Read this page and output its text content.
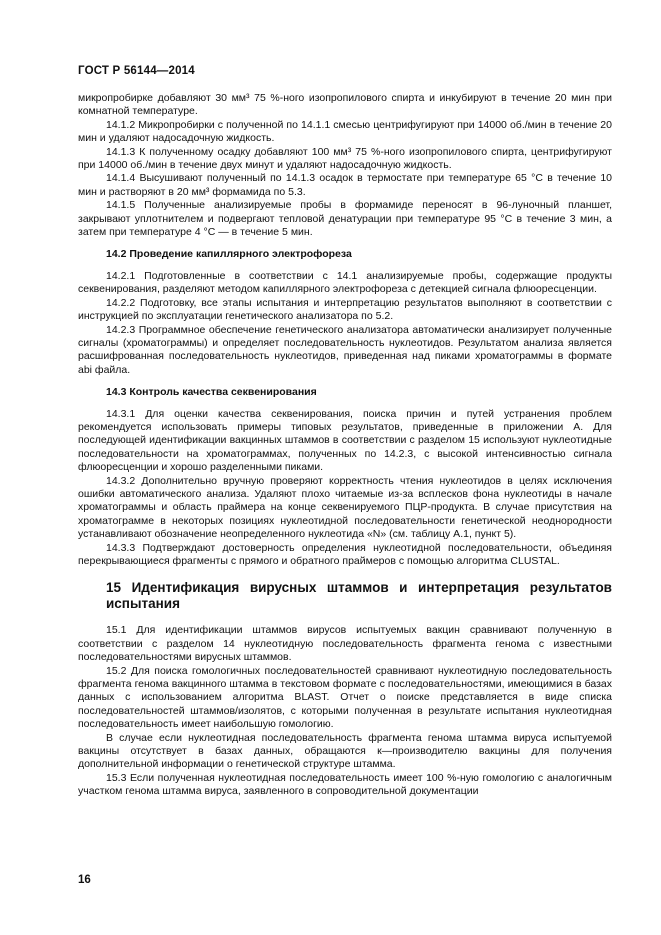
ГОСТ Р 56144—2014

микропробирке добавляют 30 мм³ 75 %-ного изопропилового спирта и инкубируют в течение 20 мин при комнатной температуре.

14.1.2 Микропробирки с полученной по 14.1.1 смесью центрифугируют при 14000 об./мин в течение 20 мин и удаляют надосадочную жидкость.

14.1.3 К полученному осадку добавляют 100 мм³ 75 %-ного изопропилового спирта, центрифугируют при 14000 об./мин в течение двух минут и удаляют надосадочную жидкость.

14.1.4 Высушивают полученный по 14.1.3 осадок в термостате при температуре 65 °С в течение 10 мин и растворяют в 20 мм³ формамида по 5.3.

14.1.5 Полученные анализируемые пробы в формамиде переносят в 96-луночный планшет, закрывают уплотнителем и подвергают тепловой денатурации при температуре 95 °С в течение 3 мин, а затем при температуре 4 °С — в течение 5 мин.

14.2 Проведение капиллярного электрофореза

14.2.1 Подготовленные в соответствии с 14.1 анализируемые пробы, содержащие продукты секвенирования, разделяют методом капиллярного электрофореза с детекцией сигнала флюоресценции.

14.2.2 Подготовку, все этапы испытания и интерпретацию результатов выполняют в соответствии с инструкцией по эксплуатации генетического анализатора по 5.2.

14.2.3 Программное обеспечение генетического анализатора автоматически анализирует полученные сигналы (хроматограммы) и определяет последовательность нуклеотидов. Результатом анализа является расшифрованная последовательность нуклеотидов, приведенная над пиками хроматограммы в формате abi файла.

14.3 Контроль качества секвенирования

14.3.1 Для оценки качества секвенирования, поиска причин и путей устранения проблем рекомендуется использовать примеры типовых результатов, приведенные в приложении А. Для последующей идентификации вакцинных штаммов в соответствии с разделом 15 используют нуклеотидные последовательности на хроматограммах, полученных по 14.2.3, с высокой интенсивностью сигнала флюоресценции и хорошо разделенными пиками.

14.3.2 Дополнительно вручную проверяют корректность чтения нуклеотидов в целях исключения ошибки автоматического анализа. Удаляют плохо читаемые из-за всплесков фона нуклеотиды в начале хроматограммы и область праймера на конце секвенируемого ПЦР-продукта. В случае присутствия на хроматограмме в некоторых позициях нуклеотидной последовательности генетической неоднородности устанавливают обозначение неопределенного нуклеотида «N» (см. таблицу А.1, пункт 5).

14.3.3 Подтверждают достоверность определения нуклеотидной последовательности, объединяя перекрывающиеся фрагменты с прямого и обратного праймеров с помощью алгоритма CLUSTAL.

15 Идентификация вирусных штаммов и интерпретация результатов испытания

15.1 Для идентификации штаммов вирусов испытуемых вакцин сравнивают полученную в соответствии с разделом 14 нуклеотидную последовательность фрагмента генома с известными последовательностями вирусных штаммов.

15.2 Для поиска гомологичных последовательностей сравнивают нуклеотидную последовательность фрагмента генома вакцинного штамма в текстовом формате с последовательностями, имеющимися в базах данных с использованием алгоритма BLAST. Отчет о поиске представляется в виде списка последовательностей штаммов/изолятов, с которыми полученная в результате испытания нуклеотидная последовательность имеет наибольшую гомологию.

В случае если нуклеотидная последовательность фрагмента генома штамма вируса испытуемой вакцины отсутствует в базах данных, обращаются к—производителю вакцины для получения дополнительной информации о генетической структуре штамма.

15.3 Если полученная нуклеотидная последовательность имеет 100 %-ную гомологию с аналогичным участком генома штамма вируса, заявленного в сопроводительной документации

16
